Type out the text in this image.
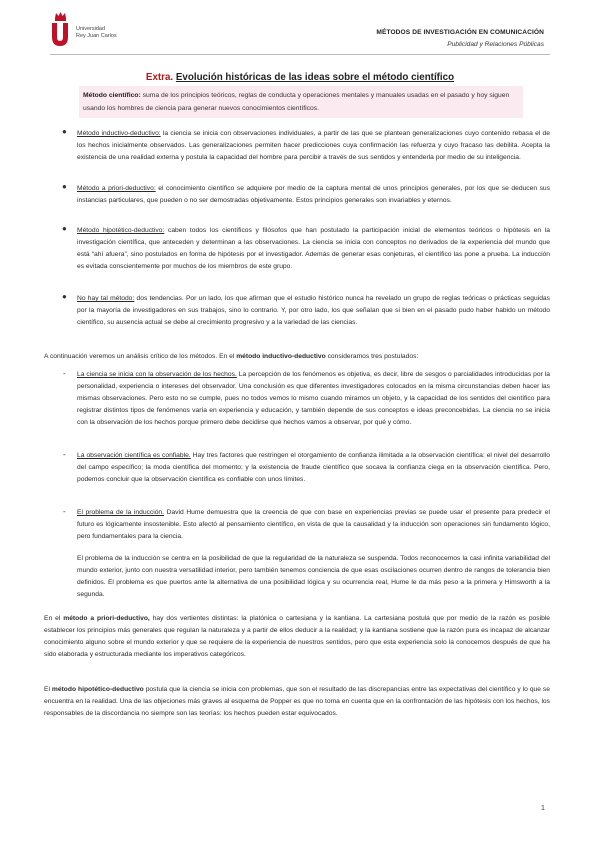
Universidad
Rey Juan Carlos	MÉTODOS DE INVESTIGACIÓN EN COMUNICACIÓN
Publicidad y Relaciones Públicas
Extra. Evolución históricas de las ideas sobre el método científico

Método científico: suma de los principios teóricos, reglas de conducta y operaciones mentales y manuales usadas en el pasado y hoy siguen usando los hombres de ciencia para generar nuevos conocimientos científicos.

● Método inductivo-deductivo: la ciencia se inicia con observaciones individuales, a partir de las que se plantean generalizaciones cuyo contenido rebasa el de los hechos inicialmente observados. Las generalizaciones permiten hacer predicciones cuya confirmación las refuerza y cuyo fracaso las debilita. Acepta la existencia de una realidad externa y postula la capacidad del hombre para percibir a través de sus sentidos y entenderla por medio de su inteligencia.

● Método a priori-deductivo: el conocimiento científico se adquiere por medio de la captura mental de unos principios generales, por los que se deducen sus instancias particulares, que pueden o no ser demostradas objetivamente. Estos principios generales son invariables y eternos.

● Método hipotético-deductivo: caben todos los científicos y filósofos que han postulado la participación inicial de elementos teóricos o hipótesis en la investigación científica, que anteceden y determinan a las observaciones. La ciencia se inicia con conceptos no derivados de la experiencia del mundo que está “ahí afuera”, sino postulados en forma de hipótesis por el investigador. Además de generar esas conjeturas, el científico las pone a prueba. La inducción es evitada conscientemente por muchos de los miembros de este grupo.

● No hay tal método: dos tendencias. Por un lado, los que afirman que el estudio histórico nunca ha revelado un grupo de reglas teóricas o prácticas seguidas por la mayoría de investigadores en sus trabajos, sino lo contrario. Y, por otro lado, los que señalan que si bien en el pasado pudo haber habido un método científico, su ausencia actual se debe al crecimiento progresivo y a la variedad de las ciencias.

A continuación veremos un análisis crítico de los métodos. En el método inductivo-deductivo consideramos tres postulados:

- La ciencia se inicia con la observación de los hechos. La percepción de los fenómenos es objetiva, es decir, libre de sesgos o parcialidades introducidas por la personalidad, experiencia o intereses del observador. Una conclusión es que diferentes investigadores colocados en la misma circunstancias deben hacer las mismas observaciones. Pero esto no se cumple, pues no todos vemos lo mismo cuando miramos un objeto, y la capacidad de los sentidos del científico para registrar distintos tipos de fenómenos varía en experiencia y educación, y también depende de sus conceptos e ideas preconcebidas. La ciencia no se inicia con la observación de los hechos porque primero debe decidirse qué hechos vamos a observar, por qué y cómo.

- La observación científica es confiable. Hay tres factores que restringen el otorgamiento de confianza ilimitada a la observación científica: el nivel del desarrollo del campo específico; la moda científica del momento; y la existencia de fraude científico que socava la confianza ciega en la observación científica. Pero, podemos concluir que la observación científica es confiable con unos límites.

- El problema de la inducción. David Hume demuestra que la creencia de que con base en experiencias previas se puede usar el presente para predecir el futuro es lógicamente insostenible. Esto afectó al pensamiento científico, en vista de que la causalidad y la inducción son operaciones sin fundamento lógico, pero fundamentales para la ciencia.

El problema de la inducción se centra en la posibilidad de que la regularidad de la naturaleza se suspenda. Todos reconocemos la casi infinita variabilidad del mundo exterior, junto con nuestra versatilidad interior, pero también tenemos conciencia de que esas oscilaciones ocurren dentro de rangos de tolerancia bien definidos. El problema es que puertos ante la alternativa de una posibilidad lógica y su ocurrencia real, Hume le da más peso a la primera y Himsworth a la segunda.

En el método a priori-deductivo, hay dos vertientes distintas: la platónica o cartesiana y la kantiana. La cartesiana postula que por medio de la razón es posible establecer los principios más generales que regulan la naturaleza y a partir de ellos deducir a la realidad; y la kantiana sostiene que la razón pura es incapaz de alcanzar conocimiento alguno sobre el mundo exterior y que se requiere de la experiencia de nuestros sentidos, pero que esta experiencia solo la conocemos después de que ha sido elaborada y estructurada mediante los imperativos categóricos.

El método hipotético-deductivo postula que la ciencia se inicia con problemas, que son el resultado de las discrepancias entre las expectativas del científico y lo que se encuentra en la realidad. Una de las objeciones más graves al esquema de Popper es que no toma en cuenta que en la confrontación de las hipótesis con los hechos, los responsables de la discordancia no siempre son las teorías: los hechos pueden estar equivocados.

1
